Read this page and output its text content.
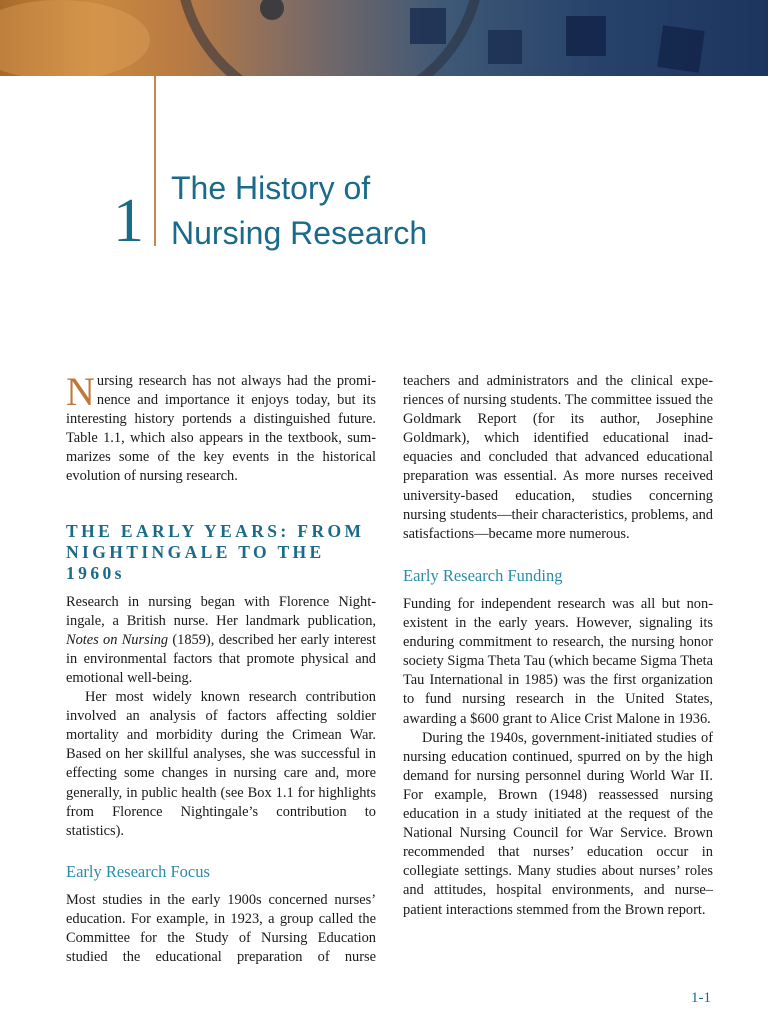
1 The History of
Nursing Research

Nursing research has not always had the prominence and importance it enjoys today, but its interesting history portends a distinguished future. Table 1.1, which also appears in the textbook, summarizes some of the key events in the historical evolution of nursing research.

THE EARLY YEARS: FROM NIGHTINGALE TO THE 1960s

Research in nursing began with Florence Nightingale, a British nurse. Her landmark publication, Notes on Nursing (1859), described her early interest in environmental factors that promote physical and emotional well-being.

Her most widely known research contribution involved an analysis of factors affecting soldier mortality and morbidity during the Crimean War. Based on her skillful analyses, she was successful in effecting some changes in nursing care and, more generally, in public health (see Box 1.1 for highlights from Florence Nightingale’s contribution to statistics).

Early Research Focus

Most studies in the early 1900s concerned nurses’ education. For example, in 1923, a group called the Committee for the Study of Nursing Education studied the educational preparation of nurse

teachers and administrators and the clinical experiences of nursing students. The committee issued the Goldmark Report (for its author, Josephine Goldmark), which identified educational inadequacies and concluded that advanced educational preparation was essential. As more nurses received university-based education, studies concerning nursing students—their characteristics, problems, and satisfactions—became more numerous.

Early Research Funding

Funding for independent research was all but nonexistent in the early years. However, signaling its enduring commitment to research, the nursing honor society Sigma Theta Tau (which became Sigma Theta Tau International in 1985) was the first organization to fund nursing research in the United States, awarding a $600 grant to Alice Crist Malone in 1936.

During the 1940s, government-initiated studies of nursing education continued, spurred on by the high demand for nursing personnel during World War II. For example, Brown (1948) reassessed nursing education in a study initiated at the request of the National Nursing Council for War Service. Brown recommended that nurses’ education occur in collegiate settings. Many studies about nurses’ roles and attitudes, hospital environments, and nurse–patient interactions stemmed from the Brown report.

1-1
